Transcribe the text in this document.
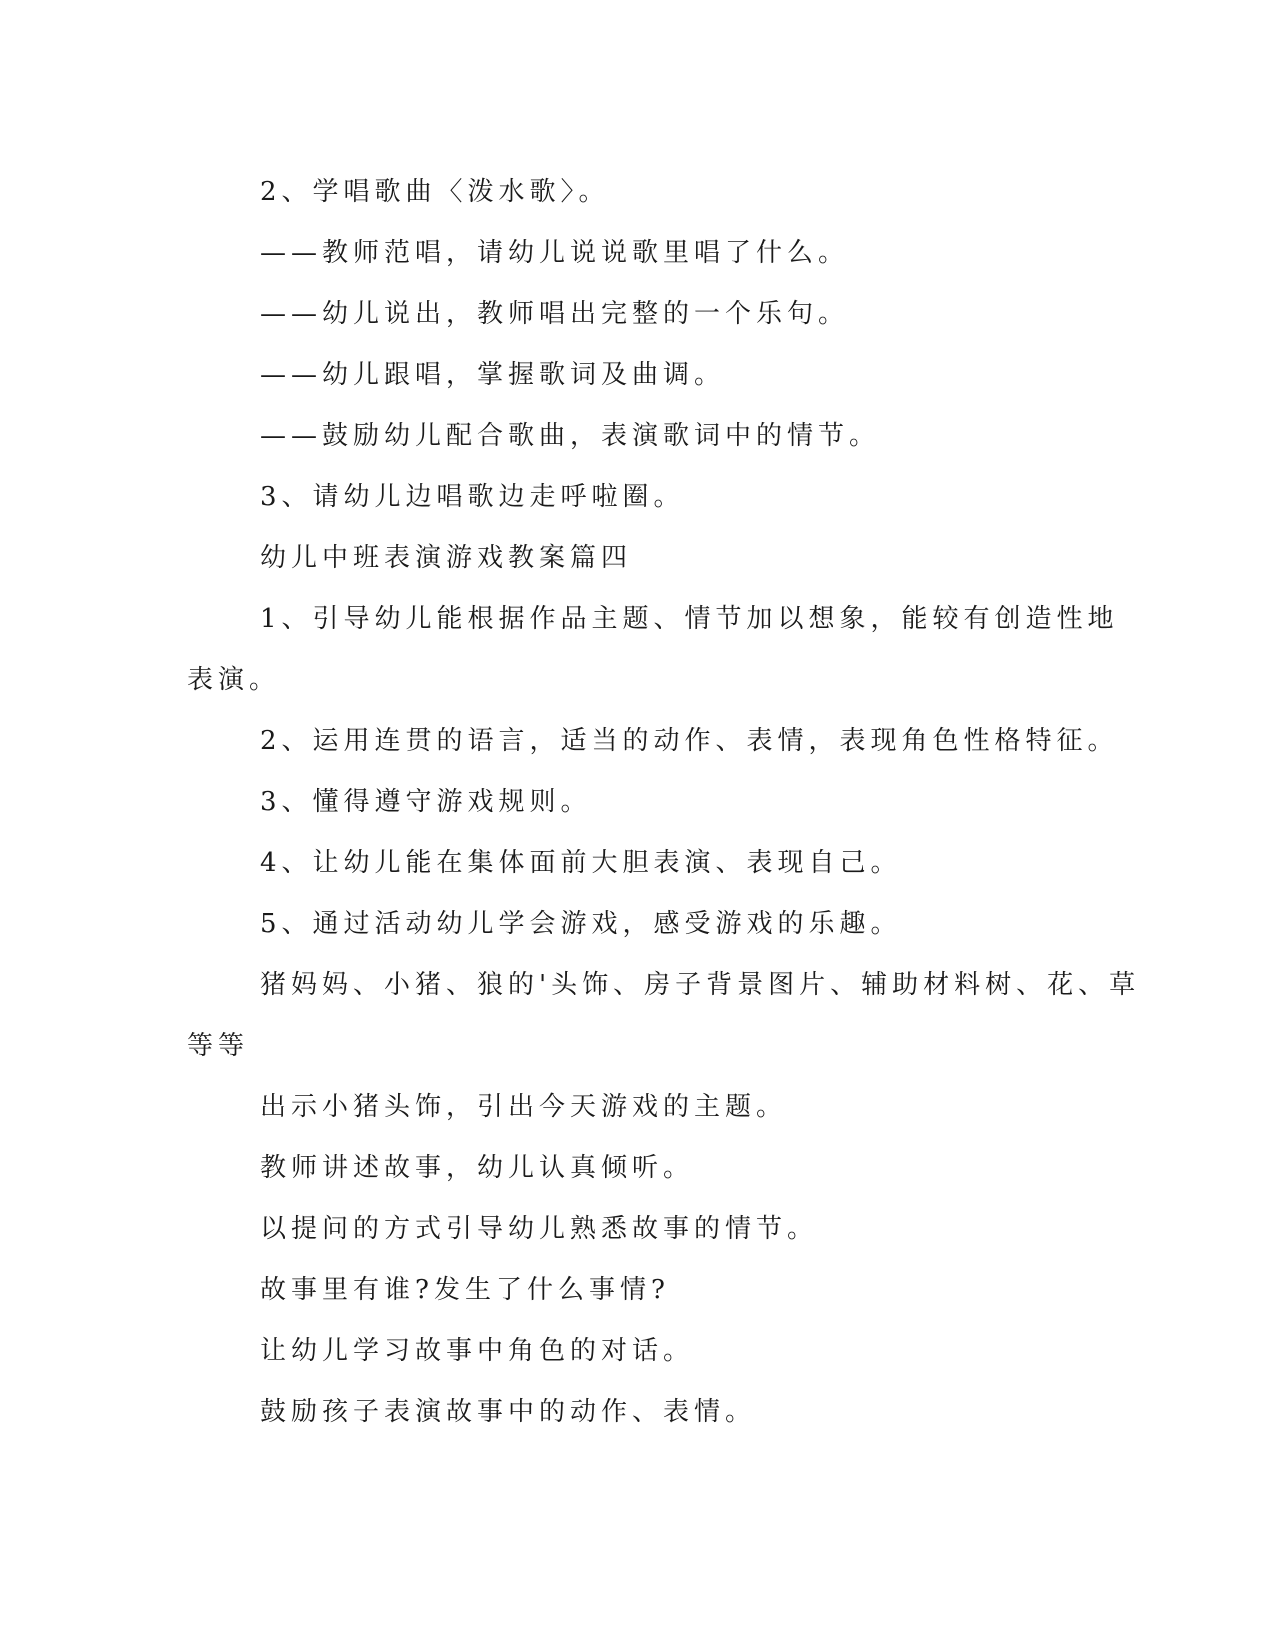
2、学唱歌曲〈泼水歌〉。
——教师范唱，请幼儿说说歌里唱了什么。
——幼儿说出，教师唱出完整的一个乐句。
——幼儿跟唱，掌握歌词及曲调。
——鼓励幼儿配合歌曲，表演歌词中的情节。
3、请幼儿边唱歌边走呼啦圈。
幼儿中班表演游戏教案篇四
1、引导幼儿能根据作品主题、情节加以想象，能较有创造性地
表演。
2、运用连贯的语言，适当的动作、表情，表现角色性格特征。
3、懂得遵守游戏规则。
4、让幼儿能在集体面前大胆表演、表现自己。
5、通过活动幼儿学会游戏，感受游戏的乐趣。
猪妈妈、小猪、狼的'头饰、房子背景图片、辅助材料树、花、草
等等
出示小猪头饰，引出今天游戏的主题。
教师讲述故事，幼儿认真倾听。
以提问的方式引导幼儿熟悉故事的情节。
故事里有谁?发生了什么事情?
让幼儿学习故事中角色的对话。
鼓励孩子表演故事中的动作、表情。
